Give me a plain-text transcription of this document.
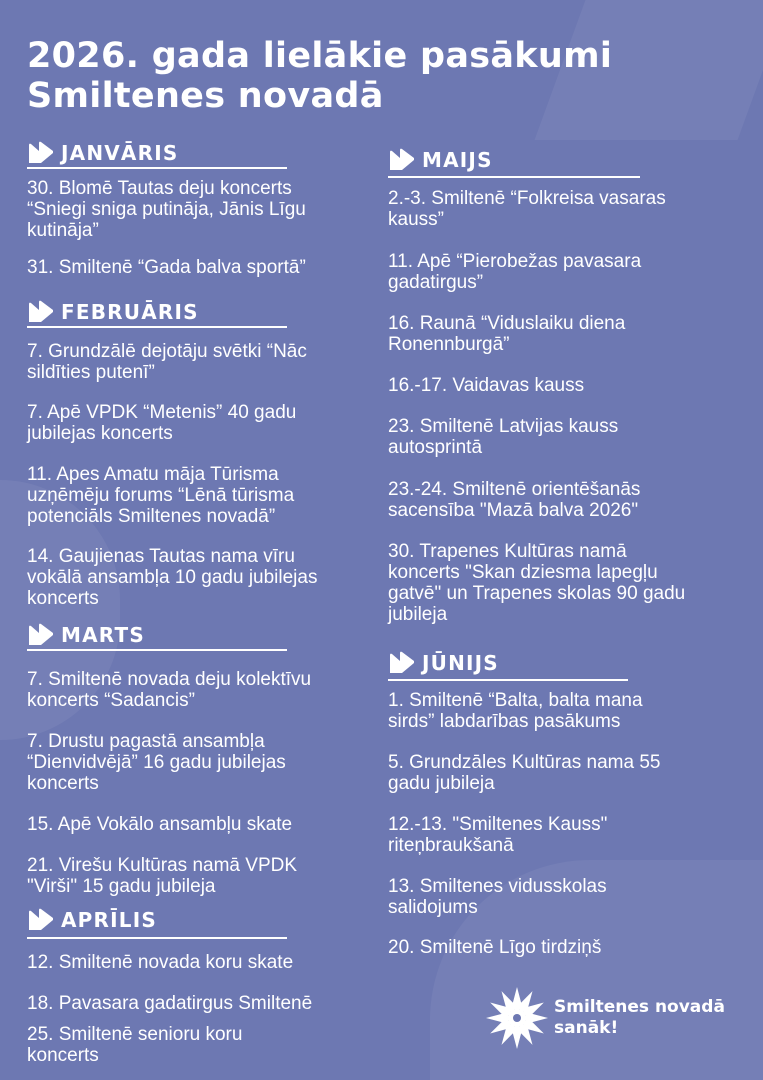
2026. gada lielākie pasākumi
Smiltenes novadā
JANVĀRIS

30. Blomē Tautas deju koncerts
“Sniegi sniga putināja, Jānis Līgu
kutināja”

31. Smiltenē “Gada balva sportā”

FEBRUĀRIS

7. Grundzālē dejotāju svētki “Nāc
sildīties putenī”

7. Apē VPDK “Metenis” 40 gadu
jubilejas koncerts

11. Apes Amatu māja Tūrisma
uzņēmēju forums “Lēnā tūrisma
potenciāls Smiltenes novadā”

14. Gaujienas Tautas nama vīru
vokālā ansambļa 10 gadu jubilejas
koncerts

MARTS

7. Smiltenē novada deju kolektīvu
koncerts “Sadancis”

7. Drustu pagastā ansambļa
“Dienvidvējā” 16 gadu jubilejas
koncerts

15. Apē Vokālo ansambļu skate

21. Virešu Kultūras namā VPDK
"Virši" 15 gadu jubileja

APRĪLIS

12. Smiltenē novada koru skate

18. Pavasara gadatirgus Smiltenē

25. Smiltenē senioru koru
koncerts

MAIJS

2.-3. Smiltenē “Folkreisa vasaras
kauss”

11. Apē “Pierobežas pavasara
gadatirgus”

16. Raunā “Viduslaiku diena
Ronennburgā”

16.-17. Vaidavas kauss

23. Smiltenē Latvijas kauss
autosprintā

23.-24. Smiltenē orientēšanās
sacensība "Mazā balva 2026"

30. Trapenes Kultūras namā
koncerts "Skan dziesma lapegļu
gatvē" un Trapenes skolas 90 gadu
jubileja

JŪNIJS

1. Smiltenē “Balta, balta mana
sirds” labdarības pasākums

5. Grundzāles Kultūras nama 55
gadu jubileja

12.-13. "Smiltenes Kauss"
riteņbraukšanā

13. Smiltenes vidusskolas
salidojums

20. Smiltenē Līgo tirdziņš

Smiltenes novadā
sanāk!
